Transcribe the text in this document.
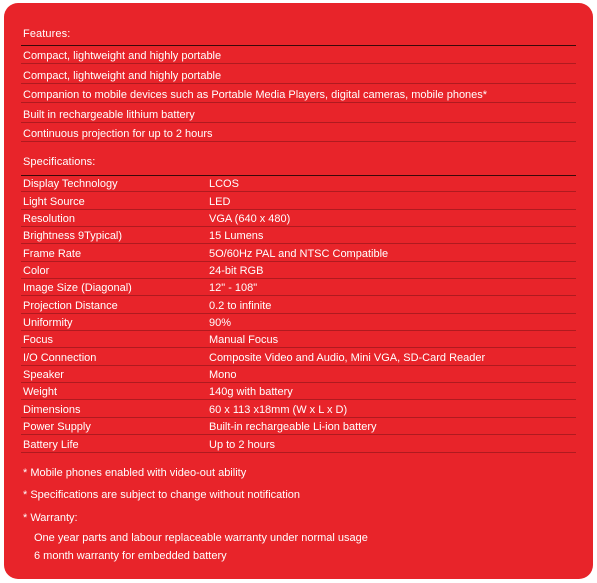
Features:
Compact, lightweight and highly portable
Compact, lightweight and highly portable
Companion to mobile devices such as Portable Media Players, digital cameras, mobile phones*
Built in rechargeable lithium battery
Continuous projection for up to 2 hours
Specifications:
Display Technology	LCOS
Light Source	LED
Resolution	VGA (640 x 480)
Brightness 9Typical)	15 Lumens
Frame Rate	5O/60Hz PAL and NTSC Compatible
Color	24-bit RGB
Image Size (Diagonal)	12" - 108"
Projection Distance	0.2 to infinite
Uniformity	90%
Focus	Manual Focus
I/O Connection	Composite Video and Audio, Mini VGA, SD-Card Reader
Speaker	Mono
Weight	140g with battery
Dimensions	60 x 113 x18mm (W x L x D)
Power Supply	Built-in rechargeable Li-ion battery
Battery Life	Up to 2 hours
* Mobile phones enabled with video-out ability
* Specifications are subject to change without notification
* Warranty:
One year parts and labour replaceable warranty under normal usage
6 month warranty for embedded battery
